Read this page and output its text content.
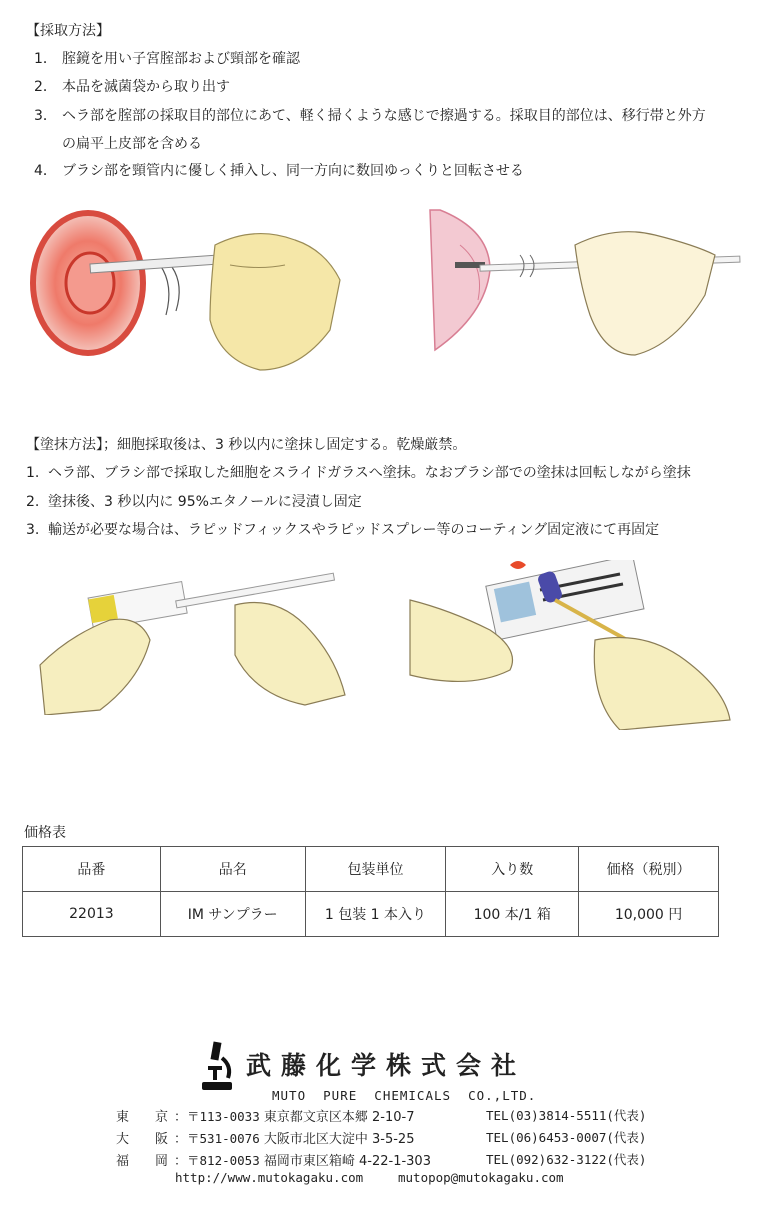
【採取方法】
1． 腟鏡を用い子宮腟部および頸部を確認
2． 本品を滅菌袋から取り出す
3． ヘラ部を腟部の採取目的部位にあて、軽く掃くような感じで擦過する。採取目的部位は、移行帯と外方
の扁平上皮部を含める
4． ブラシ部を頸管内に優しく挿入し、同一方向に数回ゆっくりと回転させる
【塗抹方法】；細胞採取後は、3 秒以内に塗抹し固定する。乾燥厳禁。
1. ヘラ部、ブラシ部で採取した細胞をスライドガラスへ塗抹。なおブラシ部での塗抹は回転しながら塗抹
2. 塗抹後、3 秒以内に 95%エタノールに浸漬し固定
3. 輸送が必要な場合は、ラピッドフィックスやラピッドスプレー等のコーティング固定液にて再固定
価格表
品番	品名	包装単位	入り数	価格（税別）
22013	IM サンプラー	1 包装 1 本入り	100 本/1 箱	10,000 円
武藤化学株式会社
MUTO  PURE  CHEMICALS  CO.,LTD.
東　　京 ：〒113-0033 東京都文京区本郷 2-10-7	TEL(03)3814-5511(代表)
大　　阪 ：〒531-0076 大阪市北区大淀中 3-5-25	TEL(06)6453-0007(代表)
福　　岡 ：〒812-0053 福岡市東区箱崎 4-22-1-303	TEL(092)632-3122(代表)
http://www.mutokagaku.com	mutopop@mutokagaku.com
